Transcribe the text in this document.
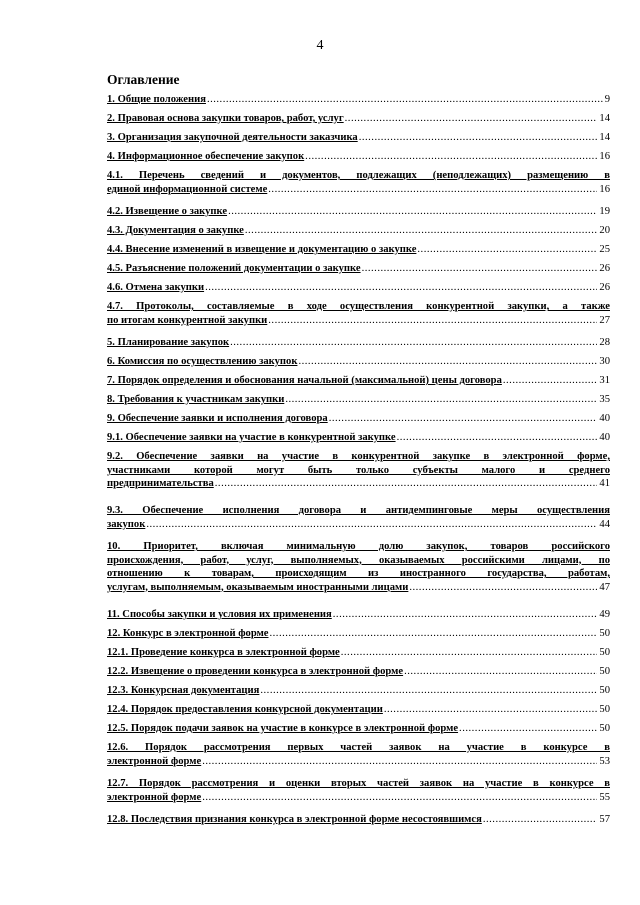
4
Оглавление
1. Общие положения .....	9
2. Правовая основа закупки товаров, работ, услуг .....	14
3. Организация закупочной деятельности заказчика .....	14
4. Информационное обеспечение закупок .....	16
4.1. Перечень сведений и документов, подлежащих (неподлежащих) размещению в
единой информационной системе .....	16
4.2. Извещение о закупке .....	19
4.3. Документация о закупке .....	20
4.4. Внесение изменений в извещение и документацию о закупке .....	25
4.5. Разъяснение положений документации о закупке .....	26
4.6. Отмена закупки .....	26
4.7. Протоколы, составляемые в ходе осуществления конкурентной закупки, а также
по итогам конкурентной закупки .....	27
5. Планирование закупок .....	28
6. Комиссия по осуществлению закупок .....	30
7. Порядок определения и обоснования начальной (максимальной) цены договора .....	31
8. Требования к участникам закупки .....	35
9. Обеспечение заявки и исполнения договора .....	40
9.1. Обеспечение заявки на участие в конкурентной закупке .....	40
9.2. Обеспечение заявки на участие в конкурентной закупке в электронной форме,
участниками которой могут быть только субъекты малого и среднего
предпринимательства .....	41
9.3. Обеспечение исполнения договора и антидемпинговые меры осуществления
закупок .....	44
10. Приоритет, включая минимальную долю закупок, товаров российского
происхождения, работ, услуг, выполняемых, оказываемых российскими лицами, по
отношению к товарам, происходящим из иностранного государства, работам,
услугам, выполняемым, оказываемым иностранными лицами .....	47
11. Способы закупки и условия их применения .....	49
12. Конкурс в электронной форме .....	50
12.1. Проведение конкурса в электронной форме .....	50
12.2. Извещение о проведении конкурса в электронной форме .....	50
12.3. Конкурсная документация .....	50
12.4. Порядок предоставления конкурсной документации .....	50
12.5. Порядок подачи заявок на участие в конкурсе в электронной форме .....	50
12.6. Порядок рассмотрения первых частей заявок на участие в конкурсе в
электронной форме .....	53
12.7. Порядок рассмотрения и оценки вторых частей заявок на участие в конкурсе в
электронной форме .....	55
12.8. Последствия признания конкурса в электронной форме несостоявшимся .....	57
